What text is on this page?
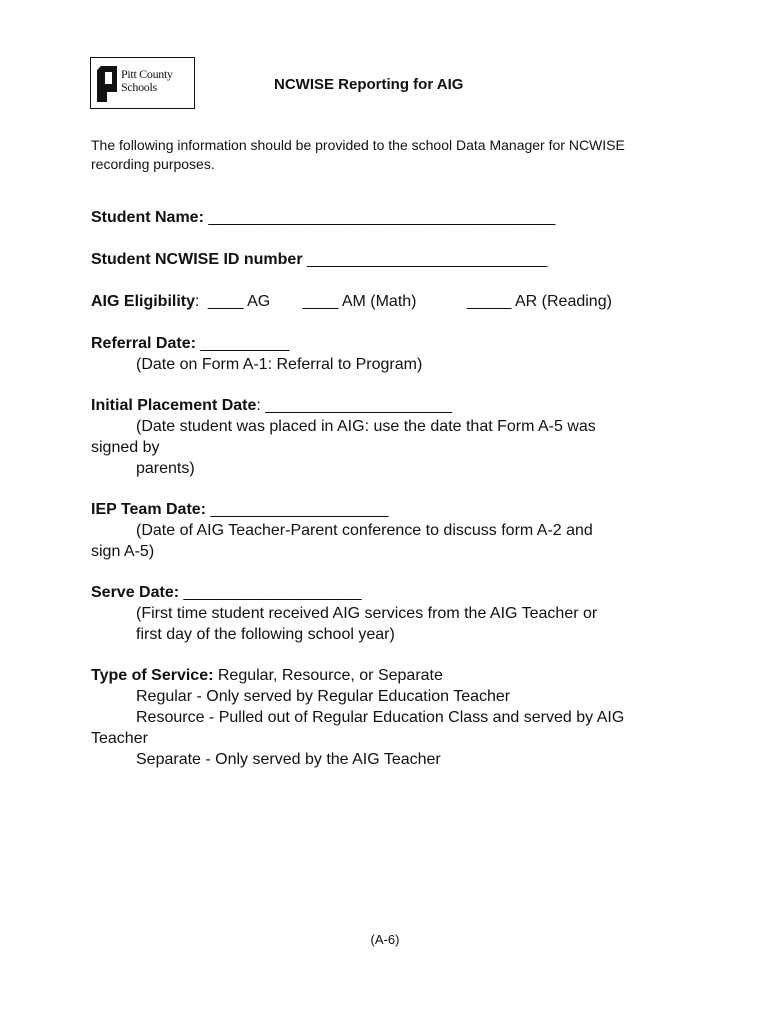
Pitt County
Schools	NCWISE Reporting for AIG
The following information should be provided to the school Data Manager for NCWISE
recording purposes.
Student Name: _______________________________________
Student NCWISE ID number ___________________________
AIG Eligibility: ____ AG ____ AM (Math)	_____ AR (Reading)
Referral Date: __________
(Date on Form A-1: Referral to Program)
Initial Placement Date: _____________________
(Date student was placed in AIG: use the date that Form A-5 was
signed by
parents)
IEP Team Date: ____________________
(Date of AIG Teacher-Parent conference to discuss form A-2 and
sign A-5)
Serve Date: ____________________
(First time student received AIG services from the AIG Teacher or
first day of the following school year)
Type of Service: Regular, Resource, or Separate
Regular - Only served by Regular Education Teacher
Resource - Pulled out of Regular Education Class and served by AIG
Teacher
Separate - Only served by the AIG Teacher
(A-6)
